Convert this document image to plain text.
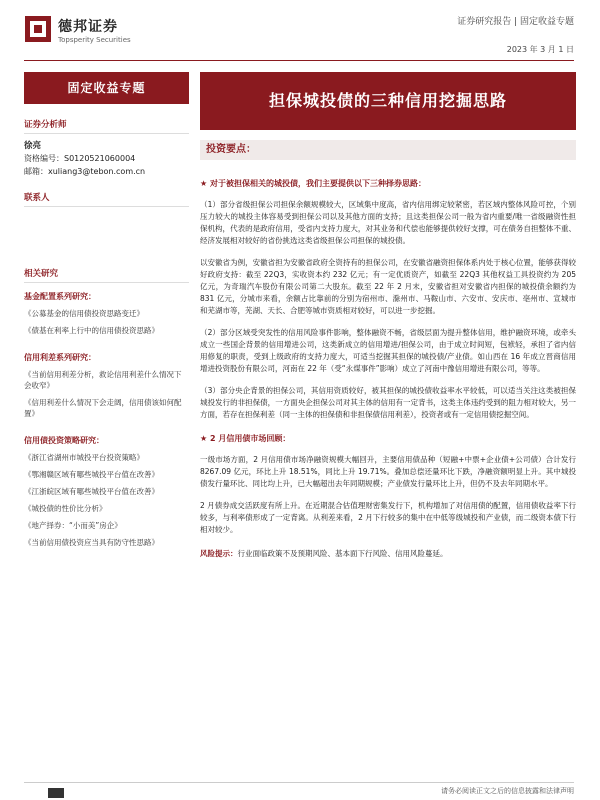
德邦证券
Topsperity Securities
证券研究报告 | 固定收益专题
2023 年 3 月 1 日
固定收益专题
证券分析师
徐亮
资格编号：S0120521060004
邮箱：xuliang3@tebon.com.cn
联系人
相关研究
基金配置系列研究：
《公募基金的信用债投资思路变迁》
《债基在利率上行中的信用债投资思路》
信用利差系列研究：
《当前信用利差分析，救论信用利差什么情况下会收窄》
《信用利差什么情况下会走阔，信用债该如何配置》
信用债投资策略研究：
《浙江省湖州市城投平台投资策略》
《鄂湘赣区域有哪些城投平台值在改善》
《江浙皖区域有哪些城投平台值在改善》
《城投债的性价比分析》
《地产择券：“小而美”房企》
《当前信用债投资应当具有防守性思路》
担保城投债的三种信用挖掘思路
投资要点：
★ 对于被担保相关的城投债，我们主要提供以下三种择券思路：
（1）部分省级担保公司担保余额规模较大，区域集中度高，省内信用绑定较紧密，若区域内整体风险可控，个别压力较大的城投主体容易受到担保公司以及其他方面的支持；且这类担保公司一般为省内重要/唯一省级融资性担保机构，代表的是政府信用，受省内支持力度大，对其业务和代偿也能够提供较好支撑，可在债务自担整体不重、经济发展相对较好的省份挑选这类省级担保公司担保的城投债。
以安徽省为例，安徽省担为安徽省政府全资持有的担保公司，在安徽省融资担保体系内处于核心位置，能够获得较好政府支持：截至 22Q3，实收资本约 232 亿元；有一定优质资产，如截至 22Q3 其他权益工具投资约为 205 亿元，为奇瑞汽车股份有限公司第二大股东。截至 22 年 2 月末，安徽省担对安徽省内担保的城投债余额约为 831 亿元，分城市来看，余额占比靠前的分别为宿州市、滁州市、马鞍山市、六安市、安庆市、亳州市、宣城市和芜湖市等，芜湖、天长、合肥等城市资质相对较好，可以进一步挖掘。
（2）部分区域受突发性的信用风险事件影响，整体融资不畅，省级层面为提升整体信用，维护融资环境，或牵头成立一些国企背景的信用增进公司，这类新成立的信用增进/担保公司，由于成立时间短，包袱轻，承担了省内信用修复的职责，受到上级政府的支持力度大，可适当挖掘其担保的城投债/产业债。如山西在 16 年成立晋商信用增进投资股份有限公司，河南在 22 年（受“永煤事件”影响）成立了河南中豫信用增进有限公司，等等。
（3）部分央企背景的担保公司，其信用资质较好，被其担保的城投债收益率水平较低，可以适当关注这类被担保城投发行的非担保债，一方面央企担保公司对其主体的信用有一定背书，这类主体违约受到的阻力相对较大，另一方面，若存在担保利差（同一主体的担保债和非担保债信用利差），投资者或有一定信用债挖掘空间。
★ 2 月信用债市场回顾：
一级市场方面，2 月信用债市场净融资规模大幅回升，主要信用债品种（短融+中票+企业债+公司债）合计发行 8267.09 亿元，环比上升 18.51%，同比上升 19.71%。叠加总偿还量环比下跌，净融资额明显上升。其中城投债发行量环比、同比均上升，已大幅超出去年同期规模；产业债发行量环比上升，但仍不及去年同期水平。
2 月债券成交活跃度有所上升。在近期混合估值理财密集发行下，机构增加了对信用债的配置，信用债收益率下行较多，与利率债形成了一定背离。从利差来看，2 月下行较多的集中在中低等级城投和产业债，而二级资本债下行相对较少。
风险提示：行业面临政策不及预期风险、基本面下行风险、信用风险蔓延。
请务必阅读正文之后的信息披露和法律声明
